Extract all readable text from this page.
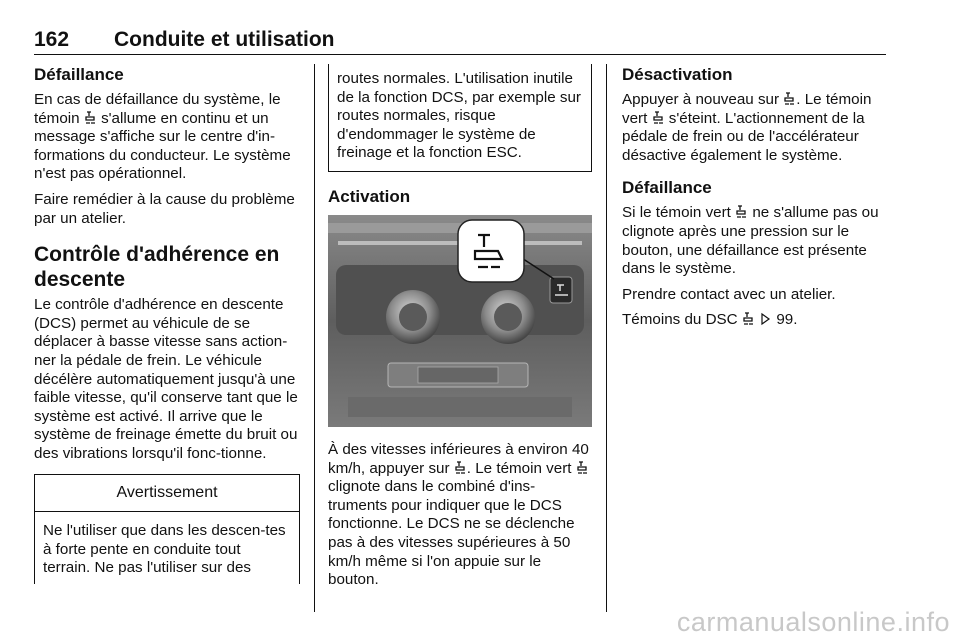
162 Conduite et utilisation
Défaillance

En cas de défaillance du système, le témoin s'allume en continu et un message s'affiche sur le centre d'in-formations du conducteur. Le système n'est pas opérationnel.

Faire remédier à la cause du problème par un atelier.

Contrôle d'adhérence en descente

Le contrôle d'adhérence en descente (DCS) permet au véhicule de se déplacer à basse vitesse sans action-ner la pédale de frein. Le véhicule décélère automatiquement jusqu'à une faible vitesse, qu'il conserve tant que le système est activé. Il arrive que le système de freinage émette du bruit ou des vibrations lorsqu'il fonc-tionne.

Avertissement
Ne l'utiliser que dans les descen-tes à forte pente en conduite tout terrain. Ne pas l'utiliser sur des
routes normales. L'utilisation inutile de la fonction DCS, par exemple sur routes normales, risque d'endommager le système de freinage et la fonction ESC.
Activation

À des vitesses inférieures à environ 40 km/h, appuyer sur . Le témoin vert  clignote dans le combiné d'ins-truments pour indiquer que le DCS fonctionne. Le DCS ne se déclenche pas à des vitesses supérieures à 50 km/h même si l'on appuie sur le bouton.

Désactivation

Appuyer à nouveau sur . Le témoin vert s'éteint. L'actionnement de la pédale de frein ou de l'accélérateur désactive également le système.

Défaillance

Si le témoin vert ne s'allume pas ou clignote après une pression sur le bouton, une défaillance est présente dans le système.

Prendre contact avec un atelier.

Témoins du DSC	99.

carmanualsonline.info
